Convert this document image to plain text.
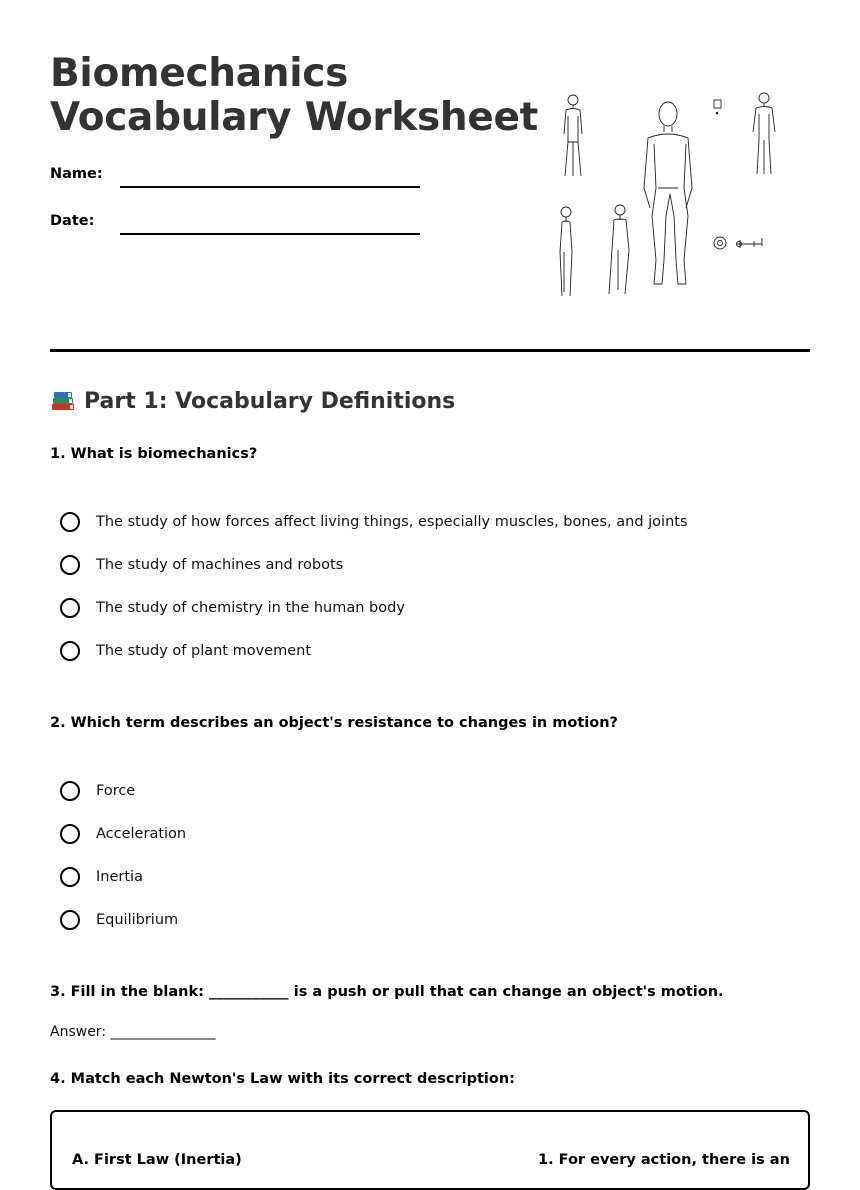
Biomechanics
Vocabulary Worksheet
Name:
Date:
Part 1: Vocabulary Definitions
1. What is biomechanics?
The study of how forces affect living things, especially muscles, bones, and joints
The study of machines and robots
The study of chemistry in the human body
The study of plant movement
2. Which term describes an object's resistance to changes in motion?
Force
Acceleration
Inertia
Equilibrium
3. Fill in the blank: ___________ is a push or pull that can change an object's motion.
Answer: _______________
4. Match each Newton's Law with its correct description:
A. First Law (Inertia)	1. For every action, there is an
